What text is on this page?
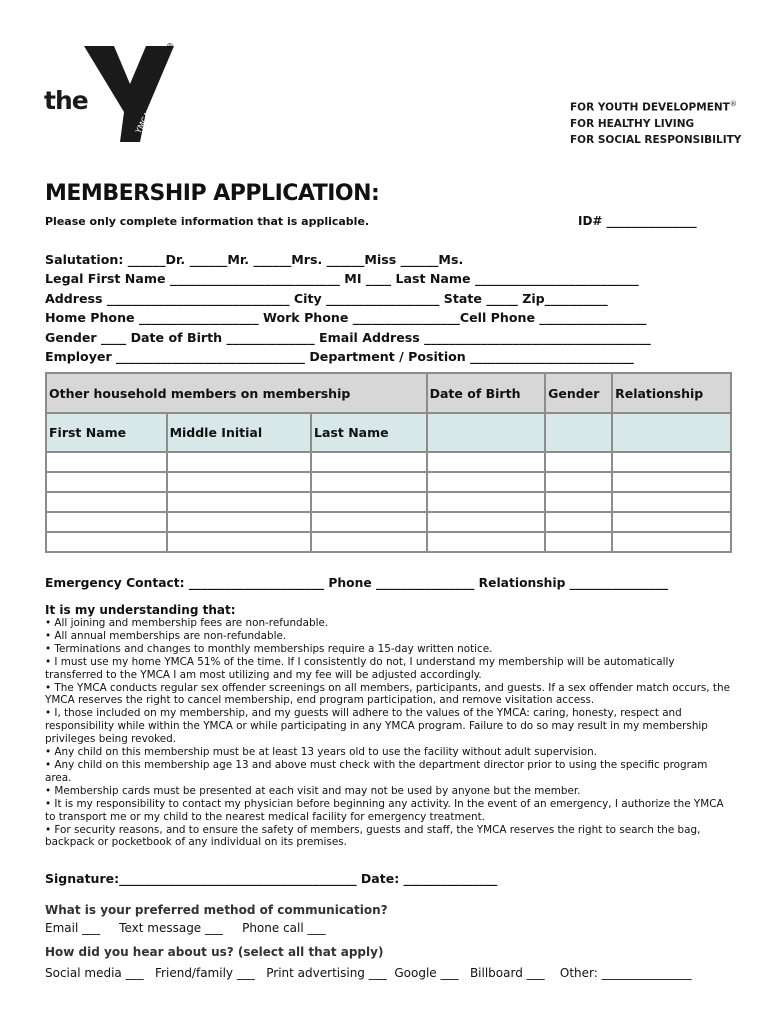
the
YMCA
®
FOR YOUTH DEVELOPMENT®
FOR HEALTHY LIVING
FOR SOCIAL RESPONSIBILITY
MEMBERSHIP APPLICATION:
Please only complete information that is applicable.	ID# _______________
Salutation: ______Dr. ______Mr. ______Mrs. ______Miss ______Ms.
Legal First Name ___________________________ MI ____ Last Name __________________________
Address _____________________________ City __________________ State _____ Zip__________
Home Phone ___________________ Work Phone _________________Cell Phone _________________
Gender ____ Date of Birth ______________ Email Address ____________________________________
Employer ______________________________ Department / Position __________________________
Other household members on membership			Date of Birth	Gender	Relationship
First Name	Middle Initial	Last Name			

Emergency Contact: ______________________ Phone ________________ Relationship ________________
It is my understanding that:
• All joining and membership fees are non-refundable.
• All annual memberships are non-refundable.
• Terminations and changes to monthly memberships require a 15-day written notice.
• I must use my home YMCA 51% of the time. If I consistently do not, I understand my membership will be automatically transferred to the YMCA I am most utilizing and my fee will be adjusted accordingly.
• The YMCA conducts regular sex offender screenings on all members, participants, and guests. If a sex offender match occurs, the YMCA reserves the right to cancel membership, end program participation, and remove visitation access.
• I, those included on my membership, and my guests will adhere to the values of the YMCA: caring, honesty, respect and responsibility while within the YMCA or while participating in any YMCA program. Failure to do so may result in my membership privileges being revoked.
• Any child on this membership must be at least 13 years old to use the facility without adult supervision.
• Any child on this membership age 13 and above must check with the department director prior to using the specific program area.
• Membership cards must be presented at each visit and may not be used by anyone but the member.
• It is my responsibility to contact my physician before beginning any activity. In the event of an emergency, I authorize the YMCA to transport me or my child to the nearest medical facility for emergency treatment.
• For security reasons, and to ensure the safety of members, guests and staff, the YMCA reserves the right to search the bag, backpack or pocketbook of any individual on its premises.
Signature:______________________________________ Date: _______________
What is your preferred method of communication?
Email ___     Text message ___     Phone call ___
How did you hear about us? (select all that apply)
Social media ___   Friend/family ___   Print advertising ___  Google ___   Billboard ___    Other: _______________
